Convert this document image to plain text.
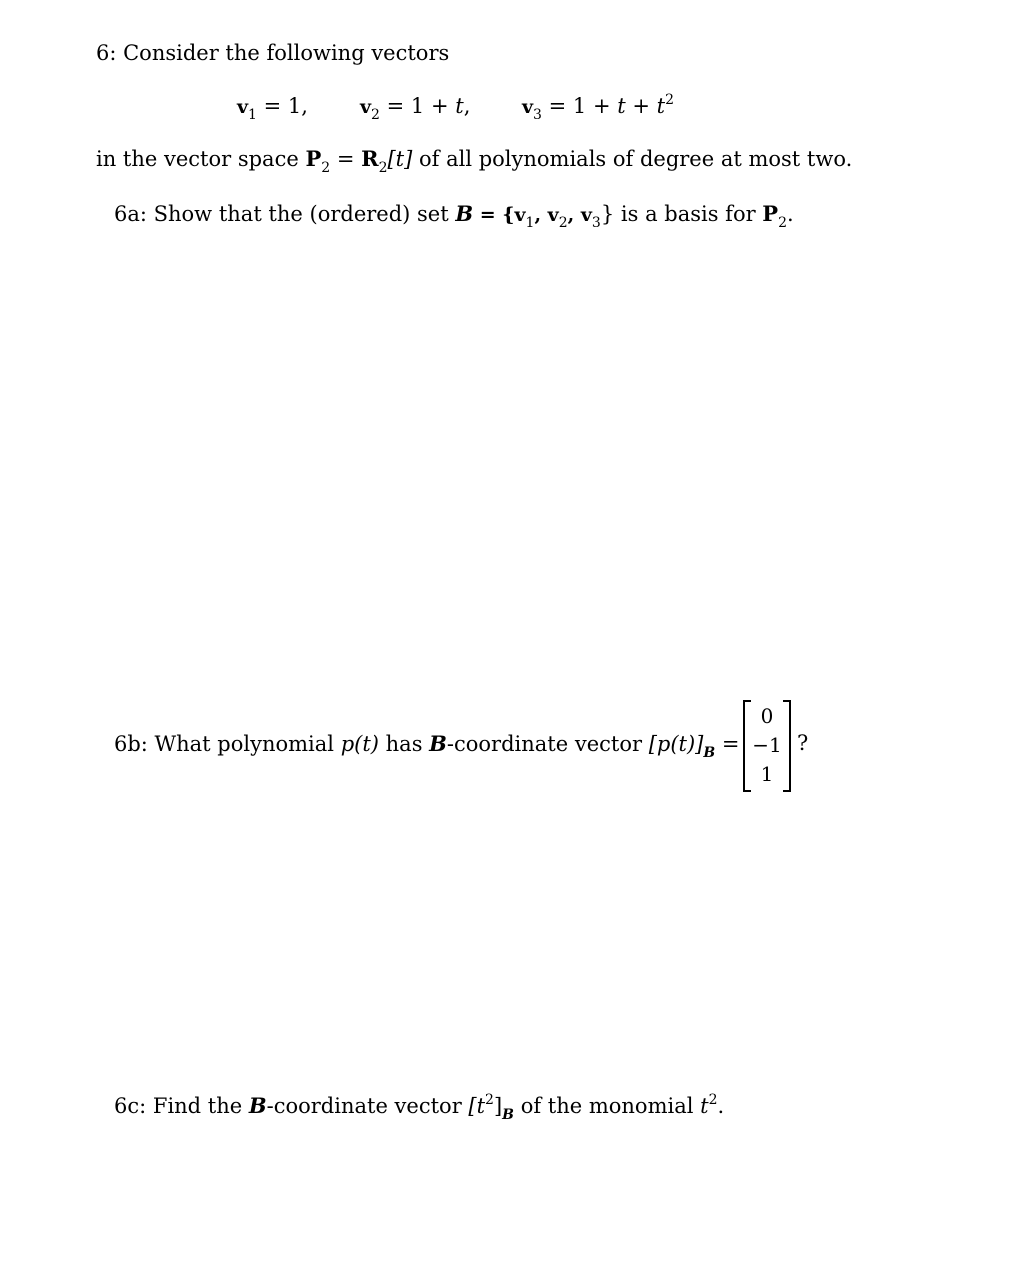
6: Consider the following vectors
$v_1 = 1$,	$v_2 = 1 + t$,	$v_3 = 1 + t + t^2$
in the vector space $P_2 = R_2[t]$ of all polynomials of degree at most two.
6a: Show that the (ordered) set $B = \{v_1$, $v_2$, $v_3$} is a basis for $P_2$.
6b: What polynomial p(t) has B-coordinate vector $[p(t)]_B$ =
0
−1
1
?
6c: Find the B-coordinate vector $[t^2]_B$ of the monomial $t^2$.
